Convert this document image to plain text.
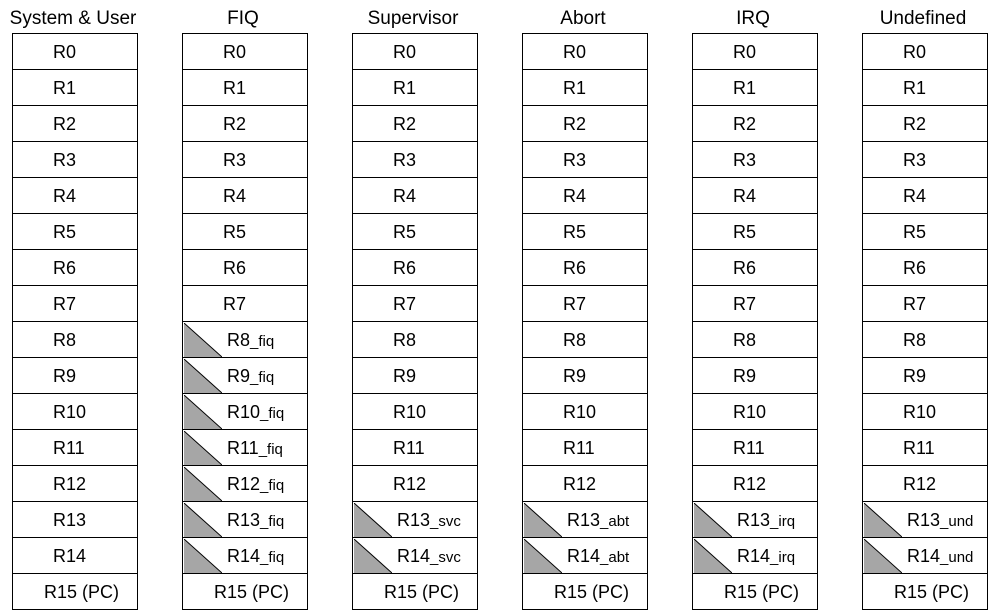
System & User
R0
R1
R2
R3
R4
R5
R6
R7
R8
R9
R10
R11
R12
R13
R14
R15 (PC)
FIQ
R0
R1
R2
R3
R4
R5
R6
R7
R8_fiq
R9_fiq
R10_fiq
R11_fiq
R12_fiq
R13_fiq
R14_fiq
R15 (PC)
Supervisor
R0
R1
R2
R3
R4
R5
R6
R7
R8
R9
R10
R11
R12
R13_svc
R14_svc
R15 (PC)
Abort
R0
R1
R2
R3
R4
R5
R6
R7
R8
R9
R10
R11
R12
R13_abt
R14_abt
R15 (PC)
IRQ
R0
R1
R2
R3
R4
R5
R6
R7
R8
R9
R10
R11
R12
R13_irq
R14_irq
R15 (PC)
Undefined
R0
R1
R2
R3
R4
R5
R6
R7
R8
R9
R10
R11
R12
R13_und
R14_und
R15 (PC)
